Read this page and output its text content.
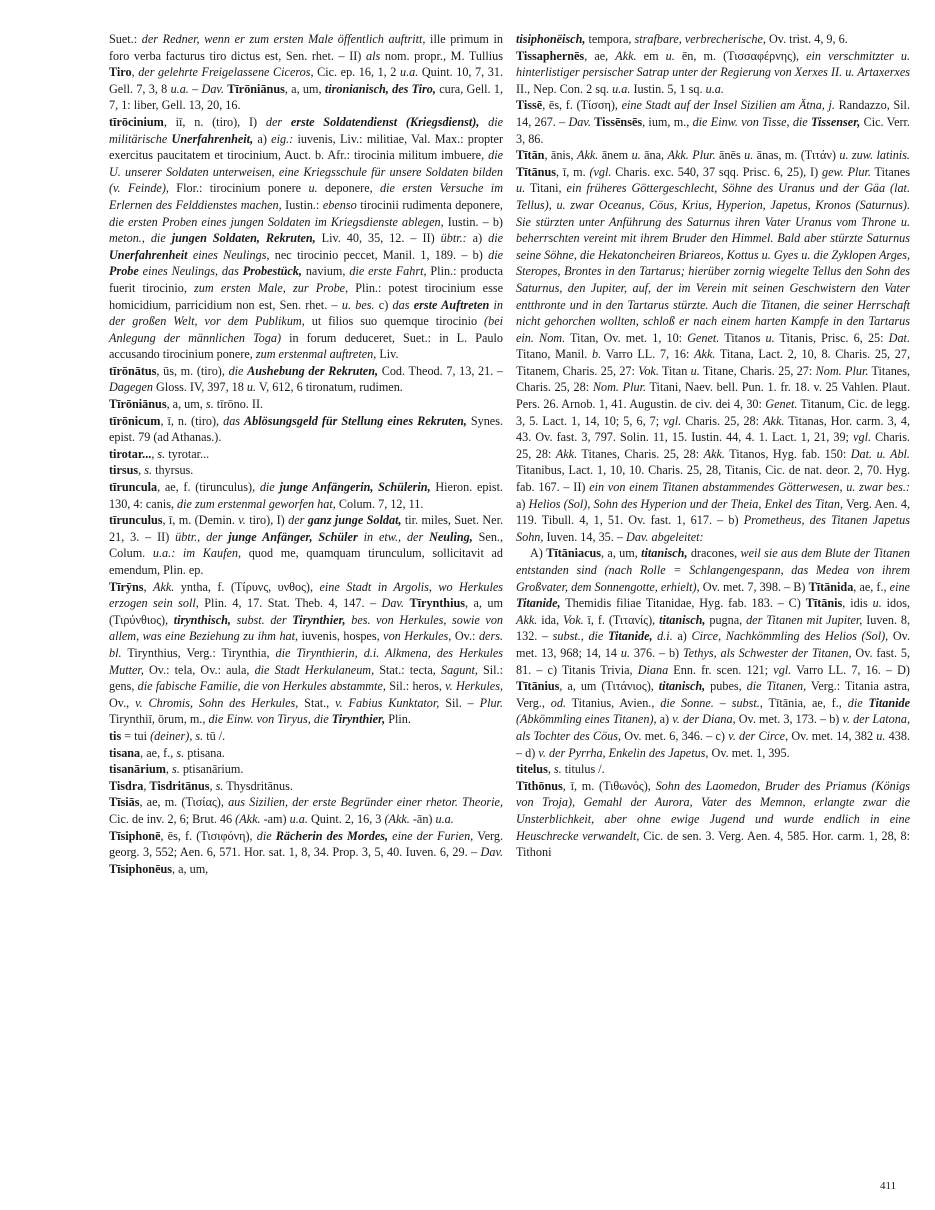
Suet.: der Redner, wenn er zum ersten Male öffentlich auftritt, ille primum in foro verba facturus tiro dictus est, Sen. rhet. – II) als nom. propr., M. Tullius Tiro, der gelehrte Freigelassene Ciceros, Cic. ep. 16, 1, 2 u.a. Quint. 10, 7, 31. Gell. 7, 3, 8 u.a. – Dav. Tīrōniānus, a, um, tironianisch, des Tiro, cura, Gell. 1, 7, 1: liber, Gell. 13, 20, 16.

tīrōcinium, iī, n. (tiro), I) der erste Soldatendienst (Kriegsdienst), die militärische Unerfahrenheit, a) eig.: iuvenis, Liv.: militiae, Val. Max.: propter exercitus paucitatem et tirocinium, Auct. b. Afr.: tirocinia militum imbuere, die U. unserer Soldaten unterweisen, eine Kriegsschule für unsere Soldaten bilden (v. Feinde), Flor.: tirocinium ponere u. deponere, die ersten Versuche im Erlernen des Felddienstes machen, Iustin.: ebenso tirocinii rudimenta deponere, die ersten Proben eines jungen Soldaten im Kriegsdienste ablegen, Iustin. – b) meton., die jungen Soldaten, Rekruten, Liv. 40, 35, 12. – II) übtr.: a) die Unerfahrenheit eines Neulings, nec tirocinio peccet, Manil. 1, 189. – b) die Probe eines Neulings, das Probestück, navium, die erste Fahrt, Plin.: producta fuerit tirocinio, zum ersten Male, zur Probe, Plin.: potest tirocinium esse homicidium, parricidium non est, Sen. rhet. – u. bes. c) das erste Auftreten in der großen Welt, vor dem Publikum, ut filios suo quemque tirocinio (bei Anlegung der männlichen Toga) in forum deduceret, Suet.: in L. Paulo accusando tirocinium ponere, zum erstenmal auftreten, Liv.

tīrōnātus, ūs, m. (tiro), die Aushebung der Rekruten, Cod. Theod. 7, 13, 21. – Dagegen Gloss. IV, 397, 18 u. V, 612, 6 tironatum, rudimen.

Tīrōniānus, a, um, s. tīrōno. II.

tīrōnicum, ī, n. (tiro), das Ablösungsgeld für Stellung eines Rekruten, Synes. epist. 79 (ad Athanas.).

tirotar..., s. tyrotar...

tirsus, s. thyrsus.

tīruncula, ae, f. (tirunculus), die junge Anfängerin, Schülerin, Hieron. epist. 130, 4: canis, die zum erstenmal geworfen hat, Colum. 7, 12, 11.

tīrunculus, ī, m. (Demin. v. tiro), I) der ganz junge Soldat, tir. miles, Suet. Ner. 21, 3. – II) übtr., der junge Anfänger, Schüler in etw., der Neuling, Sen., Colum. u.a.: im Kaufen, quod me, quamquam tirunculum, sollicitavit ad emendum, Plin. ep.

Tīrȳns, Akk. yntha, f. (Τίρυνς, υνθος), eine Stadt in Argolis, wo Herkules erzogen sein soll, Plin. 4, 17. Stat. Theb. 4, 147. – Dav. Tīrynthius, a, um (Τιρύνθιος), tirynthisch, subst. der Tirynthier, bes. von Herkules, sowie von allem, was eine Beziehung zu ihm hat, iuvenis, hospes, von Herkules, Ov.: ders. bl. Tirynthius, Verg.: Tirynthia, die Tirynthierin, d.i. Alkmena, des Herkules Mutter, Ov.: tela, Ov.: aula, die Stadt Herkulaneum, Stat.: tecta, Sagunt, Sil.: gens, die fabische Familie, die von Herkules abstammte, Sil.: heros, v. Herkules, Ov., v. Chromis, Sohn des Herkules, Stat., v. Fabius Kunktator, Sil. – Plur. Tirynthiī, ōrum, m., die Einw. von Tiryus, die Tirynthier, Plin.

tis = tui (deiner), s. tū /.

tisana, ae, f., s. ptisana.

tisanārium, s. ptisanārium.

Tisdra, Tisdritānus, s. Thysdritānus.

Tīsiās, ae, m. (Τισίας), aus Sizilien, der erste Begründer einer rhetor. Theorie, Cic. de inv. 2, 6; Brut. 46 (Akk. -am) u.a. Quint. 2, 16, 3 (Akk. -ān) u.a.

Tīsiphonē, ēs, f. (Τισιφόνη), die Rächerin des Mordes, eine der Furien, Verg. georg. 3, 552; Aen. 6, 571. Hor. sat. 1, 8, 34. Prop. 3, 5, 40. Iuven. 6, 29. – Dav. Tīsiphonēus, a, um,

tisiphonëisch, tempora, strafbare, verbrecherische, Ov. trist. 4, 9, 6.

Tissaphernēs, ae, Akk. em u. ēn, m. (Τισσαφέρνης), ein verschmitzter u. hinterlistiger persischer Satrap unter der Regierung von Xerxes II. u. Artaxerxes II., Nep. Con. 2 sq. u.a. Iustin. 5, 1 sq. u.a.

Tissē, ēs, f. (Τίσση), eine Stadt auf der Insel Sizilien am Ätna, j. Randazzo, Sil. 14, 267. – Dav. Tissēnsēs, ium, m., die Einw. von Tisse, die Tissenser, Cic. Verr. 3, 86.

Tītān, ānis, Akk. ānem u. āna, Akk. Plur. ānēs u. ānas, m. (Τιτάν) u. zuw. latinis. Tītānus, ī, m. (vgl. Charis. exc. 540, 37 sqq. Prisc. 6, 25), I) gew. Plur. Titanes u. Titani, ein früheres Göttergeschlecht, Söhne des Uranus und der Gäa (lat. Tellus), u. zwar Oceanus, Cöus, Krius, Hyperion, Japetus, Kronos (Saturnus). Sie stürzten unter Anführung des Saturnus ihren Vater Uranus vom Throne u. beherrschten vereint mit ihrem Bruder den Himmel. Bald aber stürzte Saturnus seine Söhne, die Hekatoncheiren Briareos, Kottus u. Gyes u. die Zyklopen Arges, Steropes, Brontes in den Tartarus; hierüber zornig wiegelte Tellus den Sohn des Saturnus, den Jupiter, auf, der im Verein mit seinen Geschwistern den Vater entthronte und in den Tartarus stürzte. Auch die Titanen, die seiner Herrschaft nicht gehorchen wollten, schloß er nach einem harten Kampfe in den Tartarus ein. Nom. Titan, Ov. met. 1, 10: Genet. Titanos u. Titanis, Prisc. 6, 25: Dat. Titano, Manil. b. Varro LL. 7, 16: Akk. Titana, Lact. 2, 10, 8. Charis. 25, 27, Titanem, Charis. 25, 27: Vok. Titan u. Titane, Charis. 25, 27: Nom. Plur. Titanes, Charis. 25, 28: Nom. Plur. Titani, Naev. bell. Pun. 1. fr. 18. v. 25 Vahlen. Plaut. Pers. 26. Arnob. 1, 41. Augustin. de civ. dei 4, 30: Genet. Titanum, Cic. de legg. 3, 5. Lact. 1, 14, 10; 5, 6, 7; vgl. Charis. 25, 28: Akk. Titanas, Hor. carm. 3, 4, 43. Ov. fast. 3, 797. Solin. 11, 15. Iustin. 44, 4. 1. Lact. 1, 21, 39; vgl. Charis. 25, 28: Akk. Titanes, Charis. 25, 28: Akk. Titanos, Hyg. fab. 150: Dat. u. Abl. Titanibus, Lact. 1, 10, 10. Charis. 25, 28, Titanis, Cic. de nat. deor. 2, 70. Hyg. fab. 167. – II) ein von einem Titanen abstammendes Götterwesen, u. zwar bes.: a) Helios (Sol), Sohn des Hyperion und der Theia, Enkel des Titan, Verg. Aen. 4, 119. Tibull. 4, 1, 51. Ov. fast. 1, 617. – b) Prometheus, des Titanen Japetus Sohn, Iuven. 14, 35. – Dav. abgeleitet:

A) Tītāniacus, a, um, titanisch, dracones, weil sie aus dem Blute der Titanen entstanden sind (nach Rolle = Schlangengespann, das Medea von ihrem Großvater, dem Sonnengotte, erhielt), Ov. met. 7, 398. – B) Tītānida, ae, f., eine Titanide, Themidis filiae Titanidae, Hyg. fab. 183. – C) Tītānis, idis u. idos, Akk. ida, Vok. ī, f. (Τιτανίς), titanisch, pugna, der Titanen mit Jupiter, Iuven. 8, 132. – subst., die Titanide, d.i. a) Circe, Nachkömmling des Helios (Sol), Ov. met. 13, 968; 14, 14 u. 376. – b) Tethys, als Schwester der Titanen, Ov. fast. 5, 81. – c) Titanis Trivia, Diana Enn. fr. scen. 121; vgl. Varro LL. 7, 16. – D) Tītānius, a, um (Τιτάνιος), titanisch, pubes, die Titanen, Verg.: Titania astra, Verg., od. Titanius, Avien., die Sonne. – subst., Tītānia, ae, f., die Titanide (Abkömmling eines Titanen), a) v. der Diana, Ov. met. 3, 173. – b) v. der Latona, als Tochter des Cöus, Ov. met. 6, 346. – c) v. der Circe, Ov. met. 14, 382 u. 438. – d) v. der Pyrrha, Enkelin des Japetus, Ov. met. 1, 395.

titelus, s. titulus /.

Tīthōnus, ī, m. (Τιθωνός), Sohn des Laomedon, Bruder des Priamus (Königs von Troja), Gemahl der Aurora, Vater des Memnon, erlangte zwar die Unsterblichkeit, aber ohne ewige Jugend und wurde endlich in eine Heuschrecke verwandelt, Cic. de sen. 3. Verg. Aen. 4, 585. Hor. carm. 1, 28, 8: Tithoni

411
